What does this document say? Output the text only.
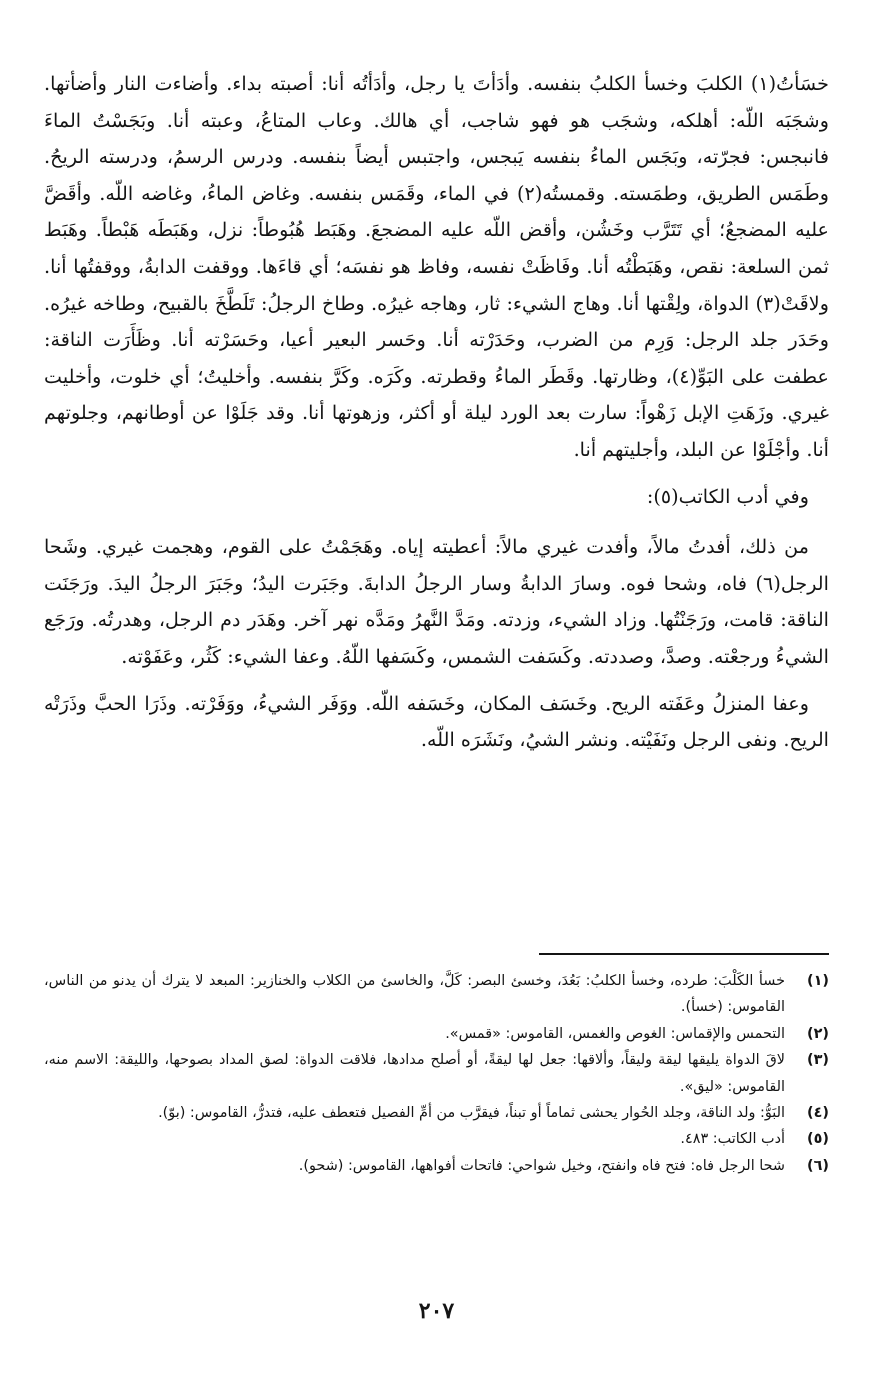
خسَأتُ(١) الكلبَ وخسأ الكلبُ بنفسه. وأدَأتَ يا رجل، وأدَأتُه أنا: أصبته بداء. وأضاءت النار وأضأتها. وشجَبَه اللّه: أهلكه، وشجَب هو فهو شاجب، أي هالك. وعاب المتاعُ، وعبته أنا. وبَجَسْتُ الماءَ فانبجس: فجرّته، وبَجَس الماءُ بنفسه يَبجس، واجتبس أيضاً بنفسه. ودرس الرسمُ، ودرسته الريحُ. وطَمَس الطريق، وطمَسته. وقمستُه(٢) في الماء، وقَمَس بنفسه. وغاض الماءُ، وغاضه اللّه. وأقَضَّ عليه المضجعُ؛ أي تَتَرَّب وخَشُن، وأقض اللّه عليه المضجعَ. وهَبَط هُبُوطاً: نزل، وهَبَطَه هَبْطاً. وهَبَط ثمن السلعة: نقص، وهَبَطْتُه أنا. وفَاظَتْ نفسه، وفاظ هو نفسَه؛ أي قاءَها. ووقفت الدابةُ، ووقفتُها أنا. ولاقَتْ(٣) الدواة، ولِقْتها أنا. وهاج الشيء: ثار، وهاجه غيرُه. وطاخ الرجلُ: تَلَطَّخَ بالقبيح، وطاخه غيرُه. وحَدَر جلد الرجل: وَرِم من الضرب، وحَدَرْته أنا. وحَسر البعير أعيا، وحَسَرْته أنا. وظَأَرَت الناقة: عطفت على البَوِّ(٤)، وظارتها. وقَطَر الماءُ وقطرته. وكَرَه. وكَرَّ بنفسه. وأخليتُ؛ أي خلوت، وأخليت غيري. وزَهَتِ الإبل زَهْواً: سارت بعد الورد ليلة أو أكثر، وزهوتها أنا. وقد جَلَوْا عن أوطانهم، وجلوتهم أنا. وأجْلَوْا عن البلد، وأجليتهم أنا.

وفي أدب الكاتب(٥):

من ذلك، أفدتُ مالاً، وأفدت غيري مالاً: أعطيته إياه. وهَجَمْتُ على القوم، وهجمت غيري. وشَحا الرجل(٦) فاه، وشحا فوه. وسارَ الدابةُ وسار الرجلُ الدابةَ. وجَبَرت اليدُ؛ وجَبَرَ الرجلُ اليدَ. ورَجَنَت الناقة: قامت، ورَجَنْتُها. وزاد الشيء، وزدته. ومَدَّ النَّهرُ ومَدَّه نهر آخر. وهَدَر دم الرجل، وهدرتُه. ورَجَع الشيءُ ورجعْته. وصدَّ، وصددته. وكَسَفت الشمس، وكَسَفها اللّهُ. وعفا الشيء: كَثُر، وعَفَوْته.

وعفا المنزلُ وعَفَته الريح. وخَسَف المكان، وخَسَفه اللّه. ووَفَر الشيءُ، ووَفَرْته. وذَرَا الحبَّ وذَرَتْه الريح. ونفى الرجل ونَفَيْته. ونشر الشيُ، ونَشَرَه اللّه.

(١)
خسأ الكَلْبَ: طرده، وخسأ الكلبُ: بَعُدَ، وخسئ البصر: كَلَّ، والخاسئ من الكلاب والخنازير: المبعد لا يترك أن يدنو من الناس، القاموس: (خسأ).
(٢)
التحمس والإقماس: الغوص والغمس، القاموس: «قمس».
(٣)
لاقَ الدواة يليقها ليقة وليقاً، وألاقها: جعل لها ليقةً، أو أصلح مدادها، فلاقت الدواة: لصق المداد بصوحها، والليقة: الاسم منه، القاموس: «ليق».
(٤)
البَوُّ: ولد الناقة، وجلد الحُوار يحشى ثماماً أو تبناً، فيقرَّب من أمِّ الفصيل فتعطف عليه، فتدرُّ، القاموس: (بوّ).
(٥)
أدب الكاتب: ٤٨٣.
(٦)
شحا الرجل فاه: فتح فاه وانفتح، وخيل شواحي: فاتحات أفواهها، القاموس: (شحو).
٢٠٧
